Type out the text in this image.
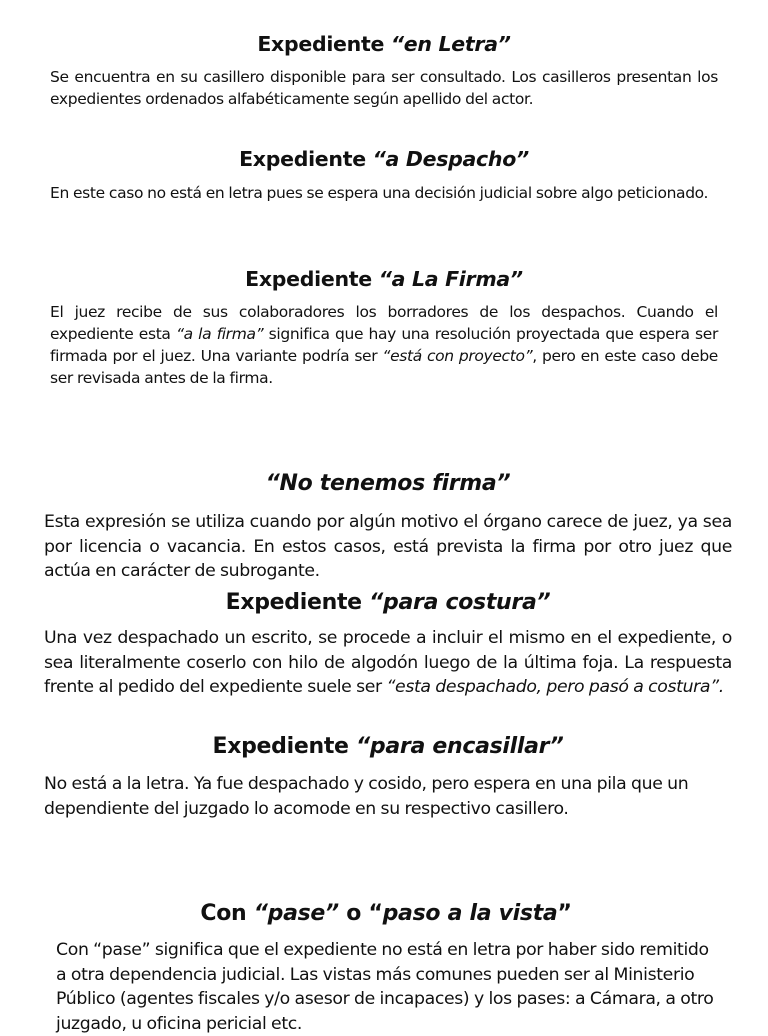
Expediente “en Letra”

Se encuentra en su casillero disponible para ser consultado. Los casilleros presentan los expedientes ordenados alfabéticamente según apellido del actor.

Expediente “a Despacho”

En este caso no está en letra pues se espera una decisión judicial sobre algo peticionado.

Expediente “a La Firma”

El juez recibe de sus colaboradores los borradores de los despachos. Cuando el expediente esta “a la firma” significa que hay una resolución proyectada que espera ser firmada por el juez. Una variante podría ser “está con proyecto”, pero en este caso debe ser revisada antes de la firma.

“No tenemos firma”

Esta expresión se utiliza cuando por algún motivo el órgano carece de juez, ya sea por licencia o vacancia. En estos casos, está prevista la firma por otro juez que actúa en carácter de subrogante.

Expediente “para costura”

Una vez despachado un escrito, se procede a incluir el mismo en el expediente, o sea literalmente coserlo con hilo de algodón luego de la última foja. La respuesta frente al pedido del expediente suele ser “esta despachado, pero pasó a costura”.

Expediente “para encasillar”

No está a la letra. Ya fue despachado y cosido, pero espera en una pila que un dependiente del juzgado lo acomode en su respectivo casillero.

Con “pase” o “paso a la vista”

Con “pase” significa que el expediente no está en letra por haber sido remitido a otra dependencia judicial. Las vistas más comunes pueden ser al Ministerio Público (agentes fiscales y/o asesor de incapaces) y los pases: a Cámara, a otro juzgado, u oficina pericial etc.
